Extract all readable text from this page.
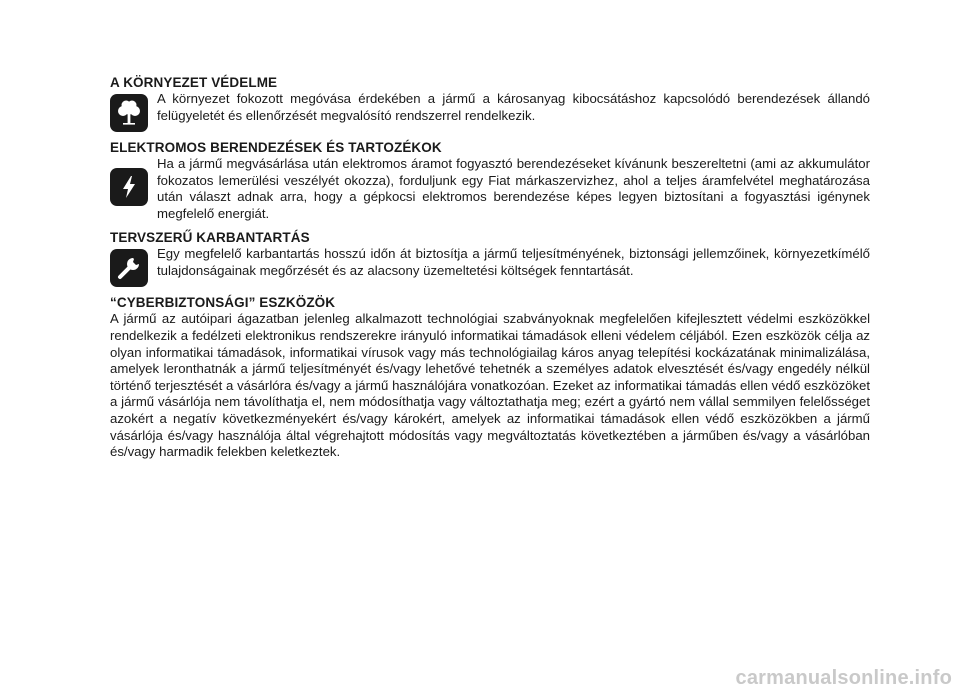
A KÖRNYEZET VÉDELME
A környezet fokozott megóvása érdekében a jármű a károsanyag kibocsátáshoz kapcsolódó berendezések állandó felügyeletét és ellenőrzését megvalósító rendszerrel rendelkezik.
ELEKTROMOS BERENDEZÉSEK ÉS TARTOZÉKOK
Ha a jármű megvásárlása után elektromos áramot fogyasztó berendezéseket kívánunk beszereltetni (ami az akkumulátor fokozatos lemerülési veszélyét okozza), forduljunk egy Fiat márkaszervizhez, ahol a teljes áramfelvétel meghatározása után választ adnak arra, hogy a gépkocsi elektromos berendezése képes legyen biztosítani a fogyasztási igénynek megfelelő energiát.
TERVSZERŰ KARBANTARTÁS
Egy megfelelő karbantartás hosszú időn át biztosítja a jármű teljesítményének, biztonsági jellemzőinek, környezetkímélő tulajdonságainak megőrzését és az alacsony üzemeltetési költségek fenntartását.
“CYBERBIZTONSÁGI” ESZKÖZÖK
A jármű az autóipari ágazatban jelenleg alkalmazott technológiai szabványoknak megfelelően kifejlesztett védelmi eszközökkel rendelkezik a fedélzeti elektronikus rendszerekre irányuló informatikai támadások elleni védelem céljából. Ezen eszközök célja az olyan informatikai támadások, informatikai vírusok vagy más technológiailag káros anyag telepítési kockázatának minimalizálása, amelyek leronthatnák a jármű teljesítményét és/vagy lehetővé tehetnék a személyes adatok elvesztését és/vagy engedély nélkül történő terjesztését a vásárlóra és/vagy a jármű használójára vonatkozóan. Ezeket az informatikai támadás ellen védő eszközöket a jármű vásárlója nem távolíthatja el, nem módosíthatja vagy változtathatja meg; ezért a gyártó nem vállal semmilyen felelősséget azokért a negatív következményekért és/vagy károkért, amelyek az informatikai támadások ellen védő eszközökben a jármű vásárlója és/vagy használója által végrehajtott módosítás vagy megváltoztatás következtében a járműben és/vagy a vásárlóban és/vagy harmadik felekben keletkeztek.
carmanualsonline.info
